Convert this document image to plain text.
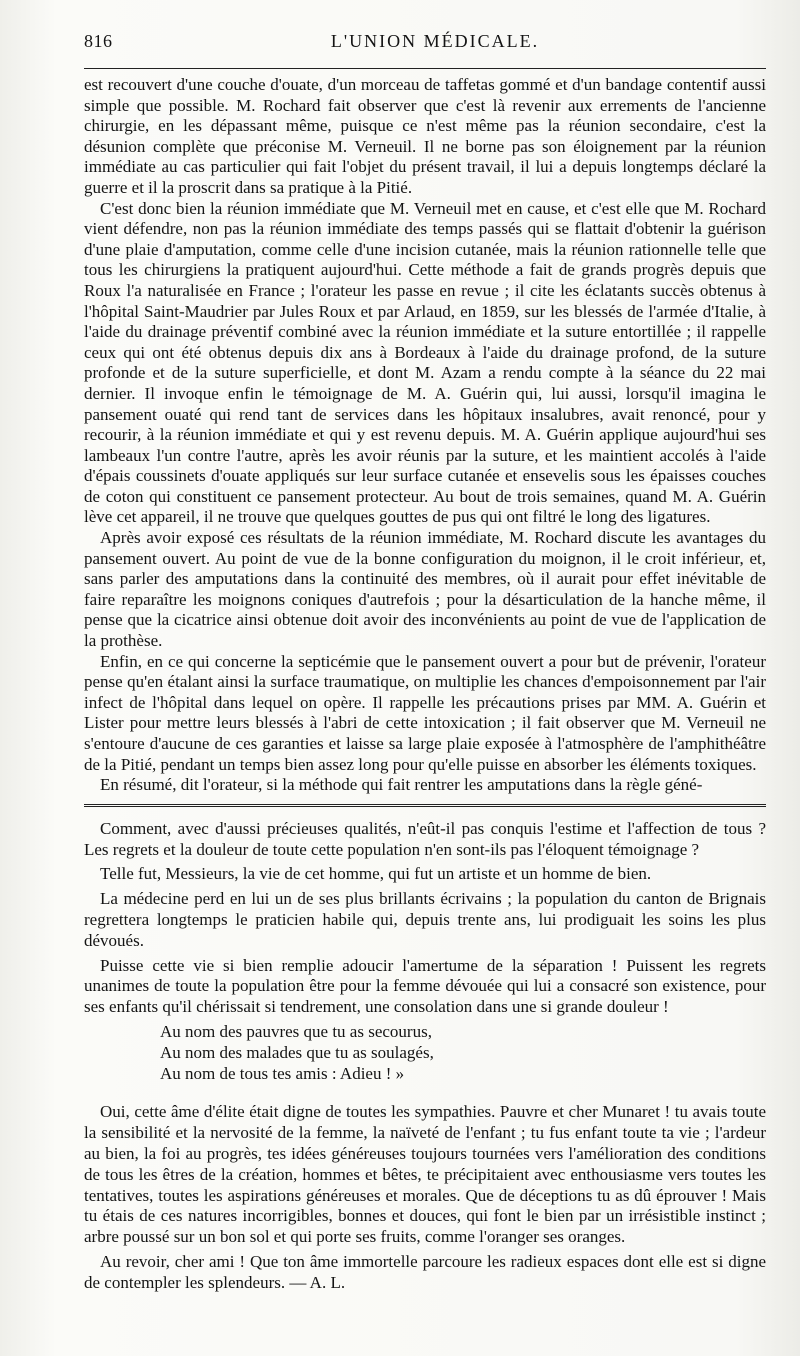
816	L'UNION MÉDICALE.

est recouvert d'une couche d'ouate, d'un morceau de taffetas gommé et d'un bandage contentif aussi simple que possible. M. Rochard fait observer que c'est là revenir aux errements de l'ancienne chirurgie, en les dépassant même, puisque ce n'est même pas la réunion secondaire, c'est la désunion complète que préconise M. Verneuil. Il ne borne pas son éloignement par la réunion immédiate au cas particulier qui fait l'objet du présent travail, il lui a depuis longtemps déclaré la guerre et il la proscrit dans sa pratique à la Pitié.

C'est donc bien la réunion immédiate que M. Verneuil met en cause, et c'est elle que M. Rochard vient défendre, non pas la réunion immédiate des temps passés qui se flattait d'obtenir la guérison d'une plaie d'amputation, comme celle d'une incision cutanée, mais la réunion rationnelle telle que tous les chirurgiens la pratiquent aujourd'hui. Cette méthode a fait de grands progrès depuis que Roux l'a naturalisée en France ; l'orateur les passe en revue ; il cite les éclatants succès obtenus à l'hôpital Saint-Maudrier par Jules Roux et par Arlaud, en 1859, sur les blessés de l'armée d'Italie, à l'aide du drainage préventif combiné avec la réunion immédiate et la suture entortillée ; il rappelle ceux qui ont été obtenus depuis dix ans à Bordeaux à l'aide du drainage profond, de la suture profonde et de la suture superficielle, et dont M. Azam a rendu compte à la séance du 22 mai dernier. Il invoque enfin le témoignage de M. A. Guérin qui, lui aussi, lorsqu'il imagina le pansement ouaté qui rend tant de services dans les hôpitaux insalubres, avait renoncé, pour y recourir, à la réunion immédiate et qui y est revenu depuis. M. A. Guérin applique aujourd'hui ses lambeaux l'un contre l'autre, après les avoir réunis par la suture, et les maintient accolés à l'aide d'épais coussinets d'ouate appliqués sur leur surface cutanée et ensevelis sous les épaisses couches de coton qui constituent ce pansement protecteur. Au bout de trois semaines, quand M. A. Guérin lève cet appareil, il ne trouve que quelques gouttes de pus qui ont filtré le long des ligatures.

Après avoir exposé ces résultats de la réunion immédiate, M. Rochard discute les avantages du pansement ouvert. Au point de vue de la bonne configuration du moignon, il le croit inférieur, et, sans parler des amputations dans la continuité des membres, où il aurait pour effet inévitable de faire reparaître les moignons coniques d'autrefois ; pour la désarticulation de la hanche même, il pense que la cicatrice ainsi obtenue doit avoir des inconvénients au point de vue de l'application de la prothèse.

Enfin, en ce qui concerne la septicémie que le pansement ouvert a pour but de prévenir, l'orateur pense qu'en étalant ainsi la surface traumatique, on multiplie les chances d'empoisonnement par l'air infect de l'hôpital dans lequel on opère. Il rappelle les précautions prises par MM. A. Guérin et Lister pour mettre leurs blessés à l'abri de cette intoxication ; il fait observer que M. Verneuil ne s'entoure d'aucune de ces garanties et laisse sa large plaie exposée à l'atmosphère de l'amphithéâtre de la Pitié, pendant un temps bien assez long pour qu'elle puisse en absorber les éléments toxiques.

En résumé, dit l'orateur, si la méthode qui fait rentrer les amputations dans la règle géné-

Comment, avec d'aussi précieuses qualités, n'eût-il pas conquis l'estime et l'affection de tous ? Les regrets et la douleur de toute cette population n'en sont-ils pas l'éloquent témoignage ?

Telle fut, Messieurs, la vie de cet homme, qui fut un artiste et un homme de bien.

La médecine perd en lui un de ses plus brillants écrivains ; la population du canton de Brignais regrettera longtemps le praticien habile qui, depuis trente ans, lui prodiguait les soins les plus dévoués.

Puisse cette vie si bien remplie adoucir l'amertume de la séparation ! Puissent les regrets unanimes de toute la population être pour la femme dévouée qui lui a consacré son existence, pour ses enfants qu'il chérissait si tendrement, une consolation dans une si grande douleur !

Au nom des pauvres que tu as secourus,
Au nom des malades que tu as soulagés,
Au nom de tous tes amis : Adieu ! »

Oui, cette âme d'élite était digne de toutes les sympathies. Pauvre et cher Munaret ! tu avais toute la sensibilité et la nervosité de la femme, la naïveté de l'enfant ; tu fus enfant toute ta vie ; l'ardeur au bien, la foi au progrès, tes idées généreuses toujours tournées vers l'amélioration des conditions de tous les êtres de la création, hommes et bêtes, te précipitaient avec enthousiasme vers toutes les tentatives, toutes les aspirations généreuses et morales. Que de déceptions tu as dû éprouver ! Mais tu étais de ces natures incorrigibles, bonnes et douces, qui font le bien par un irrésistible instinct ; arbre poussé sur un bon sol et qui porte ses fruits, comme l'oranger ses oranges.

Au revoir, cher ami ! Que ton âme immortelle parcoure les radieux espaces dont elle est si digne de contempler les splendeurs. — A. L.
